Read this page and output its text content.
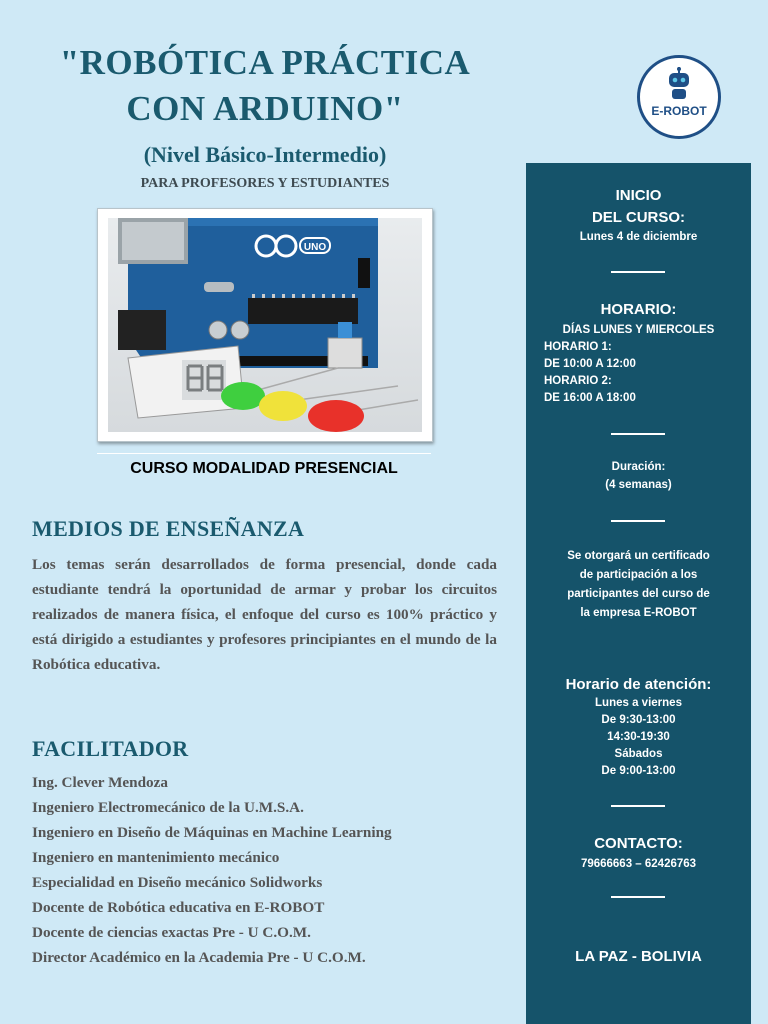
"ROBÓTICA PRÁCTICA
CON ARDUINO"

(Nivel Básico-Intermedio)

PARA PROFESORES Y ESTUDIANTES

UNO

CURSO MODALIDAD PRESENCIAL

MEDIOS DE ENSEÑANZA

Los temas serán desarrollados de forma presencial, donde cada estudiante tendrá la oportunidad de armar y probar los circuitos realizados de manera física, el enfoque del curso es 100% práctico y está dirigido a estudiantes y profesores principiantes en el mundo de la Robótica educativa.

FACILITADOR
Ing. Clever Mendoza
Ingeniero Electromecánico de la U.M.S.A.
Ingeniero en Diseño de Máquinas en Machine Learning
Ingeniero en mantenimiento mecánico
Especialidad en Diseño mecánico Solidworks
Docente de Robótica educativa en E-ROBOT
Docente de ciencias exactas Pre - U C.O.M.
Director Académico en la Academia Pre - U C.O.M.
E-ROBOT

INICIO

DEL CURSO:

Lunes 4 de diciembre

HORARIO:

DÍAS LUNES Y MIERCOLES

HORARIO 1:

DE 10:00 A 12:00

HORARIO 2:

DE 16:00 A 18:00

Duración:

(4 semanas)

Se otorgará un certificado

de participación a los

participantes del curso de

la empresa E-ROBOT

Horario de atención:

Lunes a viernes

De 9:30-13:00

14:30-19:30

Sábados

De 9:00-13:00

CONTACTO:

79666663 – 62426763

LA PAZ - BOLIVIA
